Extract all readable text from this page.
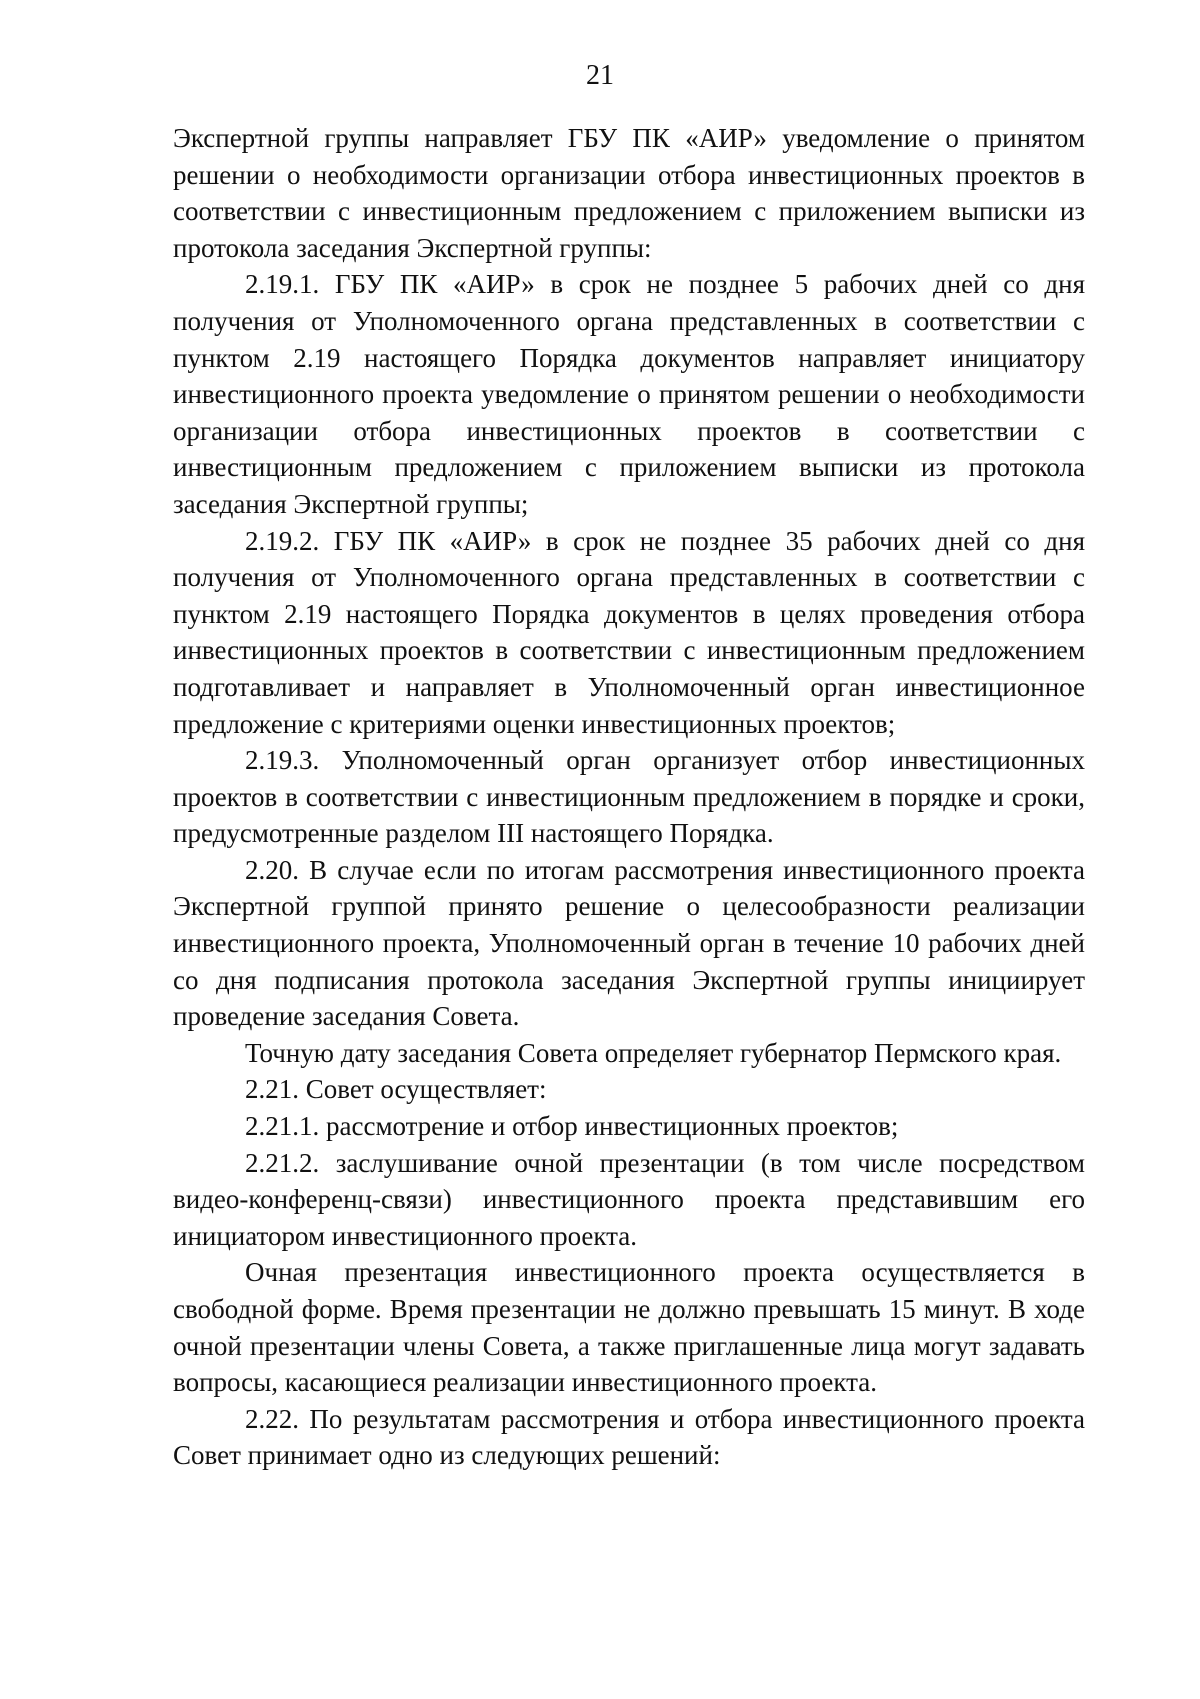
21

Экспертной группы направляет ГБУ ПК «АИР» уведомление о принятом решении о необходимости организации отбора инвестиционных проектов в соответствии с инвестиционным предложением с приложением выписки из протокола заседания Экспертной группы:

2.19.1. ГБУ ПК «АИР» в срок не позднее 5 рабочих дней со дня получения от Уполномоченного органа представленных в соответствии с пунктом 2.19 настоящего Порядка документов направляет инициатору инвестиционного проекта уведомление о принятом решении о необходимости организации отбора инвестиционных проектов в соответствии с инвестиционным предложением с приложением выписки из протокола заседания Экспертной группы;

2.19.2. ГБУ ПК «АИР» в срок не позднее 35 рабочих дней со дня получения от Уполномоченного органа представленных в соответствии с пунктом 2.19 настоящего Порядка документов в целях проведения отбора инвестиционных проектов в соответствии с инвестиционным предложением подготавливает и направляет в Уполномоченный орган инвестиционное предложение с критериями оценки инвестиционных проектов;

2.19.3. Уполномоченный орган организует отбор инвестиционных проектов в соответствии с инвестиционным предложением в порядке и сроки, предусмотренные разделом III настоящего Порядка.

2.20. В случае если по итогам рассмотрения инвестиционного проекта Экспертной группой принято решение о целесообразности реализации инвестиционного проекта, Уполномоченный орган в течение 10 рабочих дней со дня подписания протокола заседания Экспертной группы инициирует проведение заседания Совета.

Точную дату заседания Совета определяет губернатор Пермского края.

2.21. Совет осуществляет:

2.21.1. рассмотрение и отбор инвестиционных проектов;

2.21.2. заслушивание очной презентации (в том числе посредством видео-конференц-связи) инвестиционного проекта представившим его инициатором инвестиционного проекта.

Очная презентация инвестиционного проекта осуществляется в свободной форме. Время презентации не должно превышать 15 минут. В ходе очной презентации члены Совета, а также приглашенные лица могут задавать вопросы, касающиеся реализации инвестиционного проекта.

2.22. По результатам рассмотрения и отбора инвестиционного проекта Совет принимает одно из следующих решений:
